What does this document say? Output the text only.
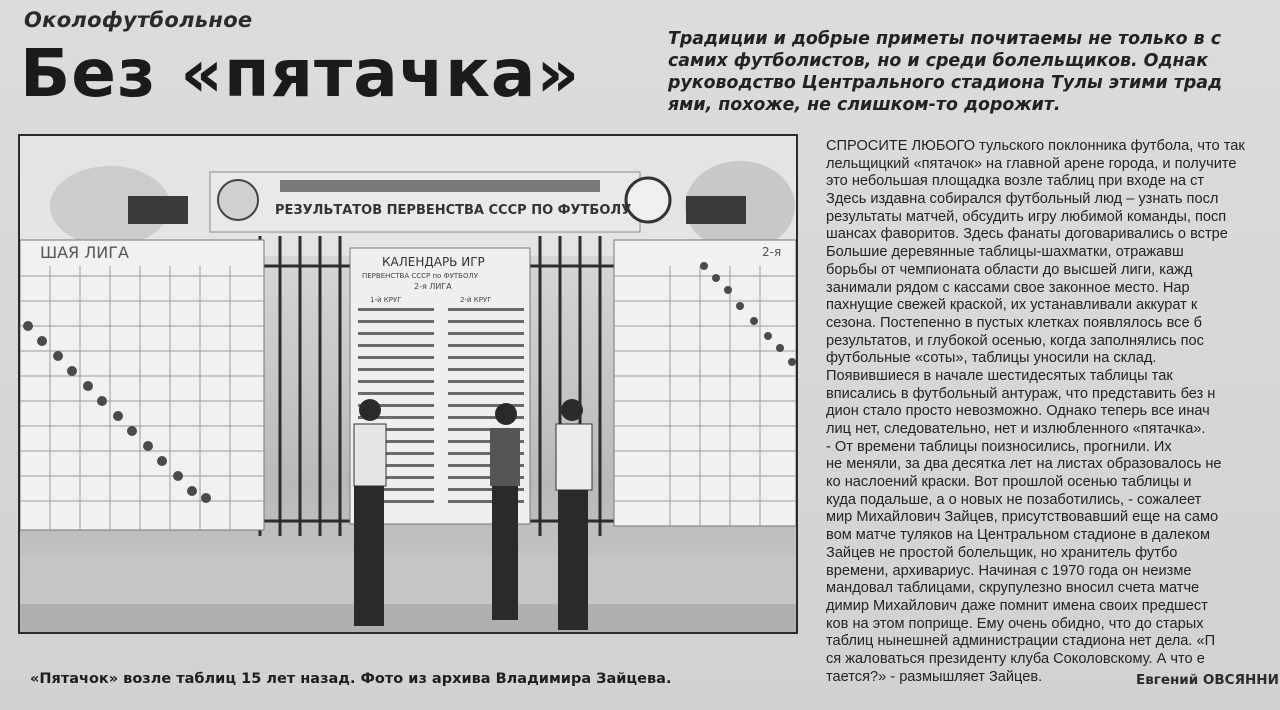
Околофутбольное
Без «пятачка»	Традиции и добрые приметы почитаемы не только в с
самих футболистов, но и среди болельщиков. Однак
руководство Центрального стадиона Тулы этими трад
ями, похоже, не слишком-то дорожит.
РЕЗУЛЬТАТОВ ПЕРВЕНСТВА СССР ПО ФУТБОЛУ
ШАЯ ЛИГА	КАЛЕНДАРЬ ИГР
ПЕРВЕНСТВА СССР по ФУТБОЛУ
2-я ЛИГА
1-й КРУГ	2-й КРУГ
2-я
«Пятачок» возле таблиц 15 лет назад. Фото из архива Владимира Зайцева.
СПРОСИТЕ ЛЮБОГО тульского поклонника футбола, что так
лельщицкий «пятачок» на главной арене города, и получите
это небольшая площадка возле таблиц при входе на ст
Здесь издавна собирался футбольный люд – узнать посл
результаты матчей, обсудить игру любимой команды, посп
шансах фаворитов. Здесь фанаты договаривались о встре
Большие деревянные таблицы-шахматки, отражавш
борьбы от чемпионата области до высшей лиги, кажд
занимали рядом с кассами свое законное место. Нар
пахнущие свежей краской, их устанавливали аккурат к
сезона. Постепенно в пустых клетках появлялось все б
результатов, и глубокой осенью, когда заполнялись пос
футбольные «соты», таблицы уносили на склад.
Появившиеся в начале шестидесятых таблицы так
вписались в футбольный антураж, что представить без н
дион стало просто невозможно. Однако теперь все инач
лиц нет, следовательно, нет и излюбленного «пятачка».
- От времени таблицы поизносились, прогнили. Их
не меняли, за два десятка лет на листах образовалось не
ко наслоений краски. Вот прошлой осенью таблицы и
куда подальше, а о новых не позаботились, - сожалеет
мир Михайлович Зайцев, присутствовавший еще на само
вом матче туляков на Центральном стадионе в далеком
Зайцев не простой болельщик, но хранитель футбо
времени, архивариус. Начиная с 1970 года он неизме
мандовал таблицами, скрупулезно вносил счета матче
димир Михайлович даже помнит имена своих предшест
ков на этом поприще. Ему очень обидно, что до старых
таблиц нынешней администрации стадиона нет дела. «П
ся жаловаться президенту клуба Соколовскому. А что е
тается?» - размышляет Зайцев.	Евгений ОВСЯННИ
